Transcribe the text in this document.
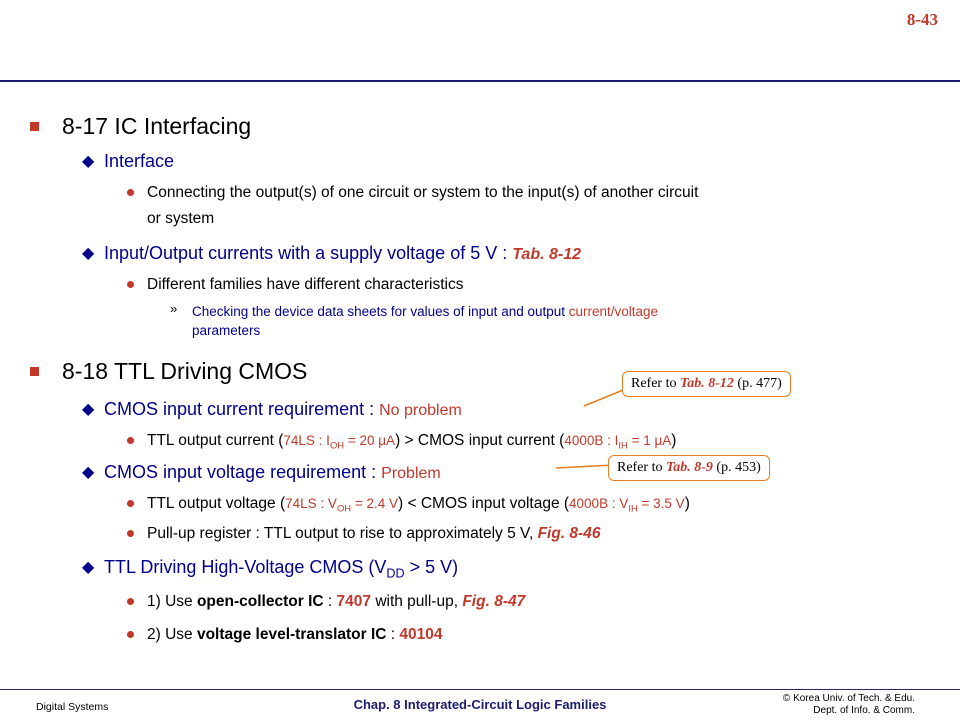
8-43
8-17 IC Interfacing
◆ Interface
Connecting the output(s) of one circuit or system to the input(s) of another circuit
or system
◆ Input/Output currents with a supply voltage of 5 V : Tab. 8-12
Different families have different characteristics
» Checking the device data sheets for values of input and output current/voltage
parameters
8-18 TTL Driving CMOS
◆ CMOS input current requirement : No problem
TTL output current (74LS : $I_{OH} = 20$ μA) > CMOS input current (4000B : $I_{IH} = 1$ μA)
◆ CMOS input voltage requirement : Problem
TTL output voltage (74LS : $V_{OH} = 2.4$ V) < CMOS input voltage (4000B : $V_{IH} = 3.5$ V)
Pull-up register : TTL output to rise to approximately 5 V, Fig. 8-46
◆ TTL Driving High-Voltage CMOS ($V_{DD} > 5$ V)
1) Use open-collector IC : 7407 with pull-up, Fig. 8-47
2) Use voltage level-translator IC : 40104
Refer to Tab. 8-12 (p. 477)
Refer to Tab. 8-9 (p. 453)
Digital Systems	Chap. 8 Integrated-Circuit Logic Families	© Korea Univ. of Tech. & Edu.
Dept. of Info. & Comm.
